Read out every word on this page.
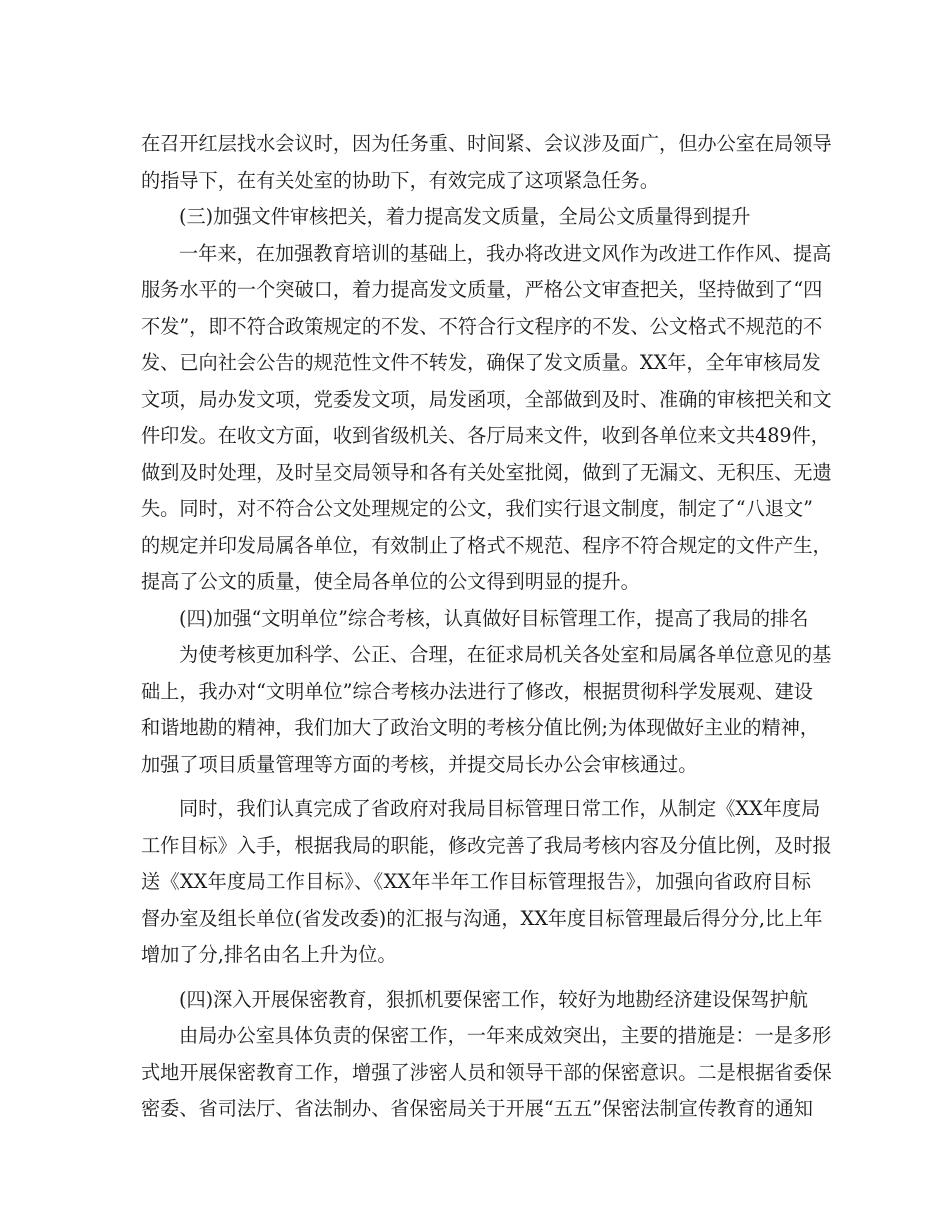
在召开红层找水会议时，因为任务重、时间紧、会议涉及面广，但办公室在局领导
的指导下，在有关处室的协助下，有效完成了这项紧急任务。
(三)加强文件审核把关，着力提高发文质量，全局公文质量得到提升
一年来，在加强教育培训的基础上，我办将改进文风作为改进工作作风、提高
服务水平的一个突破口，着力提高发文质量，严格公文审查把关，坚持做到了“四
不发”，即不符合政策规定的不发、不符合行文程序的不发、公文格式不规范的不
发、已向社会公告的规范性文件不转发，确保了发文质量。XX年，全年审核局发
文项，局办发文项，党委发文项，局发函项，全部做到及时、准确的审核把关和文
件印发。在收文方面，收到省级机关、各厅局来文件，收到各单位来文共489件，
做到及时处理，及时呈交局领导和各有关处室批阅，做到了无漏文、无积压、无遗
失。同时，对不符合公文处理规定的公文，我们实行退文制度，制定了“八退文”
的规定并印发局属各单位，有效制止了格式不规范、程序不符合规定的文件产生，
提高了公文的质量，使全局各单位的公文得到明显的提升。
(四)加强“文明单位”综合考核，认真做好目标管理工作，提高了我局的排名
为使考核更加科学、公正、合理，在征求局机关各处室和局属各单位意见的基
础上，我办对“文明单位”综合考核办法进行了修改，根据贯彻科学发展观、建设
和谐地勘的精神，我们加大了政治文明的考核分值比例;为体现做好主业的精神，
加强了项目质量管理等方面的考核，并提交局长办公会审核通过。
同时，我们认真完成了省政府对我局目标管理日常工作，从制定《XX年度局
工作目标》入手，根据我局的职能，修改完善了我局考核内容及分值比例，及时报
送《XX年度局工作目标》、《XX年半年工作目标管理报告》，加强向省政府目标
督办室及组长单位(省发改委)的汇报与沟通，XX年度目标管理最后得分分,比上年
增加了分,排名由名上升为位。
(四)深入开展保密教育，狠抓机要保密工作，较好为地勘经济建设保驾护航
由局办公室具体负责的保密工作，一年来成效突出，主要的措施是：一是多形
式地开展保密教育工作，增强了涉密人员和领导干部的保密意识。二是根据省委保
密委、省司法厅、省法制办、省保密局关于开展“五五”保密法制宣传教育的通知
